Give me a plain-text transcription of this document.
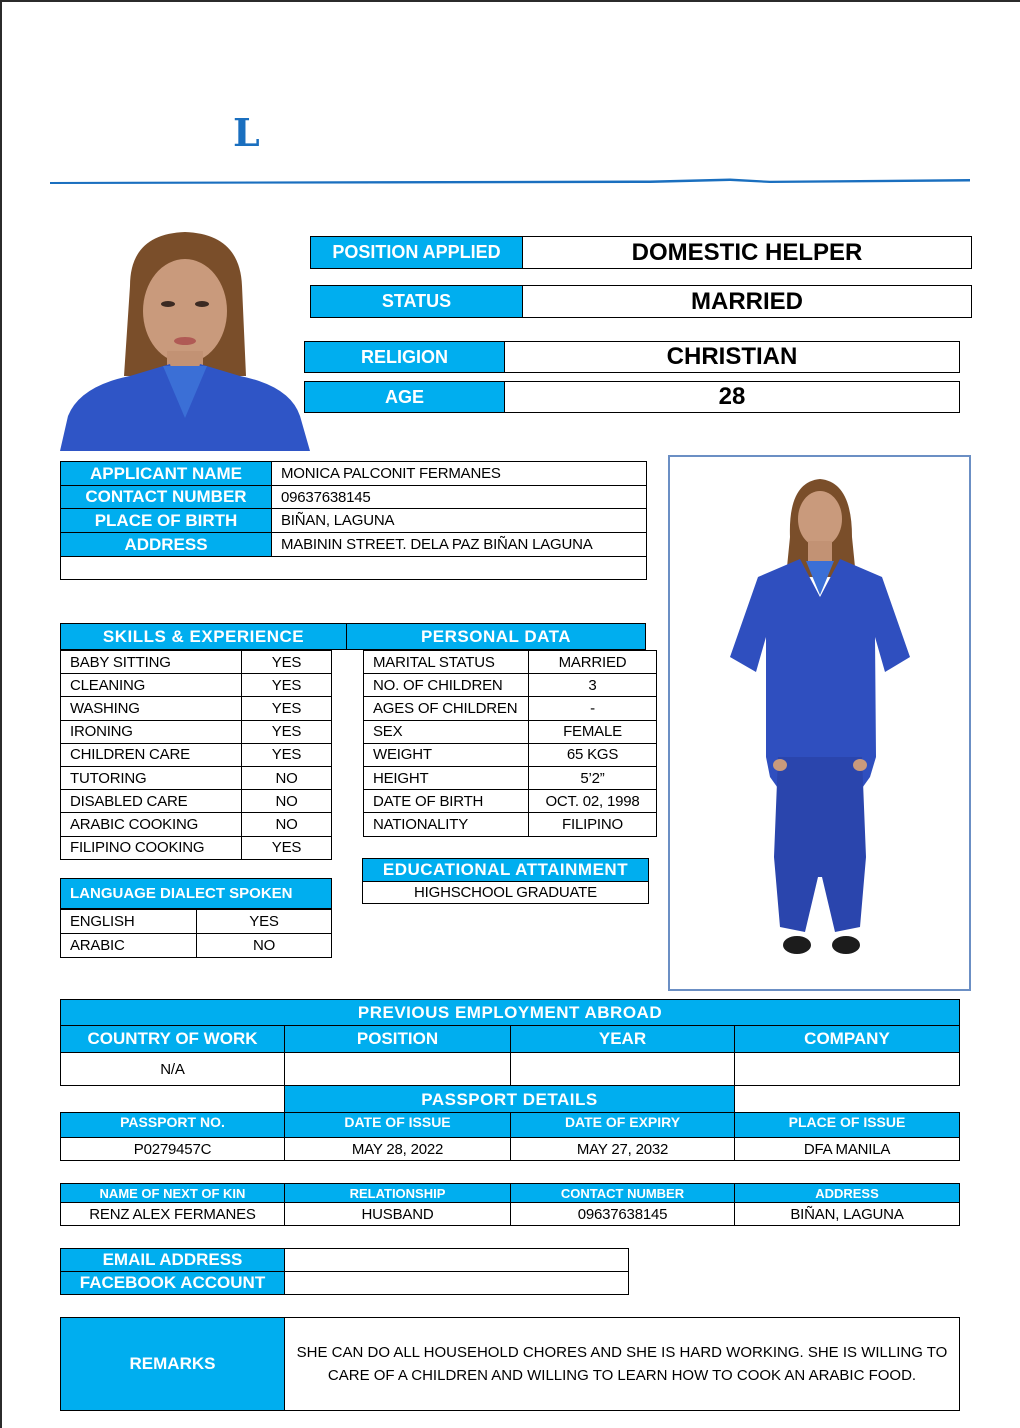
L
POSITION APPLIED	DOMESTIC HELPER
STATUS	MARRIED
RELIGION	CHRISTIAN
AGE	28
APPLICANT NAME	MONICA PALCONIT FERMANES
CONTACT NUMBER	09637638145
PLACE OF BIRTH	BIÑAN, LAGUNA
ADDRESS	MABININ STREET. DELA PAZ BIÑAN LAGUNA
SKILLS & EXPERIENCE	PERSONAL DATA
BABY SITTING	YES
CLEANING	YES
WASHING	YES
IRONING	YES
CHILDREN CARE	YES
TUTORING	NO
DISABLED CARE	NO
ARABIC COOKING	NO
FILIPINO COOKING	YES
MARITAL STATUS	MARRIED
NO. OF CHILDREN	3
AGES OF CHILDREN	-
SEX	FEMALE
WEIGHT	65 KGS
HEIGHT	5’2”
DATE OF BIRTH	OCT. 02, 1998
NATIONALITY	FILIPINO
EDUCATIONAL ATTAINMENT
HIGHSCHOOL GRADUATE
LANGUAGE DIALECT SPOKEN
ENGLISH	YES
ARABIC	NO
PREVIOUS EMPLOYMENT ABROAD
COUNTRY OF WORK	POSITION	YEAR	COMPANY
N/A
PASSPORT DETAILS
PASSPORT NO.	DATE OF ISSUE	DATE OF EXPIRY	PLACE OF ISSUE
P0279457C	MAY 28, 2022	MAY 27, 2032	DFA MANILA
NAME OF NEXT OF KIN	RELATIONSHIP	CONTACT NUMBER	ADDRESS
RENZ ALEX FERMANES	HUSBAND	09637638145	BIÑAN, LAGUNA
EMAIL ADDRESS
FACEBOOK ACCOUNT
REMARKS
SHE CAN DO ALL HOUSEHOLD CHORES AND SHE IS HARD WORKING. SHE IS WILLING TO CARE OF A CHILDREN AND WILLING TO LEARN HOW TO COOK AN ARABIC FOOD.
